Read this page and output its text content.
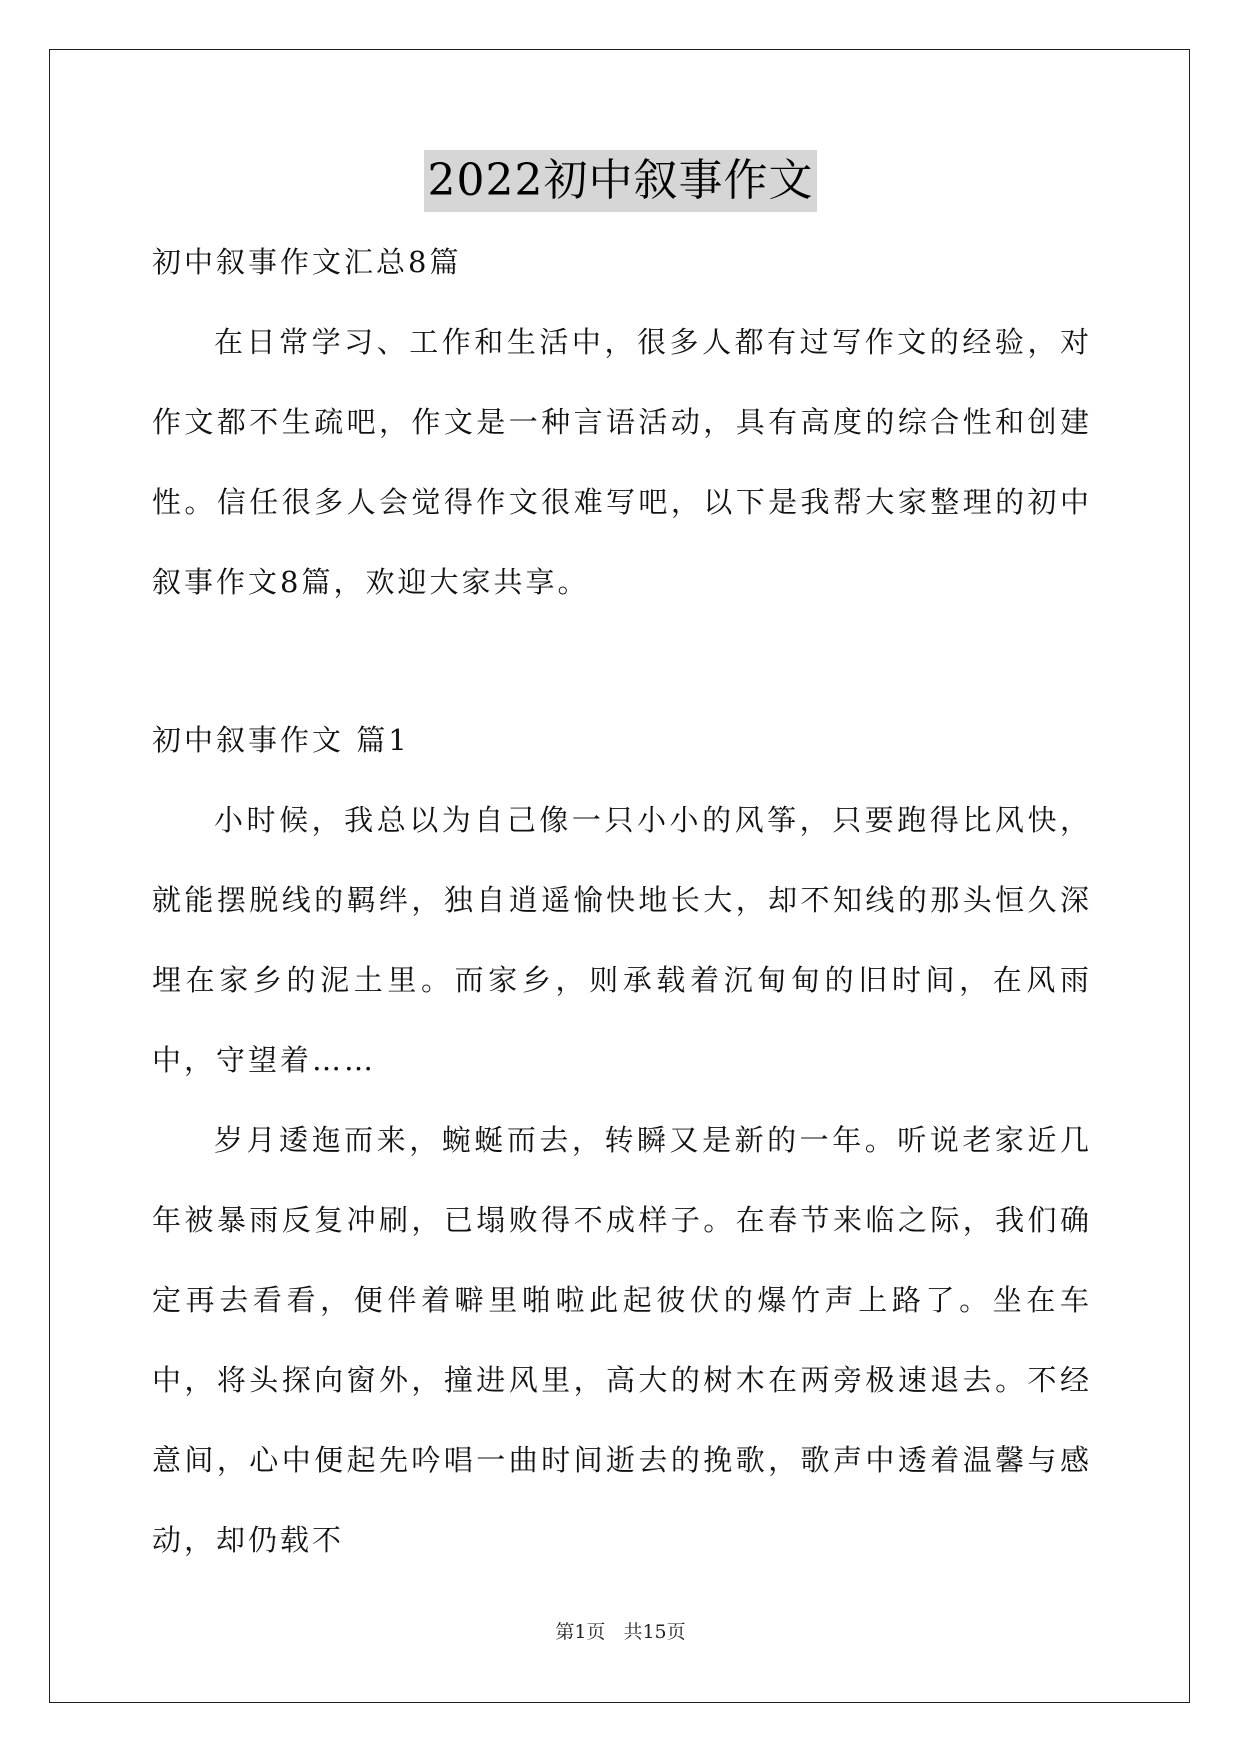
2022初中叙事作文

初中叙事作文汇总8篇

在日常学习、工作和生活中，很多人都有过写作文的经验，对作文都不生疏吧，作文是一种言语活动，具有高度的综合性和创建性。信任很多人会觉得作文很难写吧，以下是我帮大家整理的初中叙事作文8篇，欢迎大家共享。

初中叙事作文 篇1

小时候，我总以为自己像一只小小的风筝，只要跑得比风快，就能摆脱线的羁绊，独自逍遥愉快地长大，却不知线的那头恒久深埋在家乡的泥土里。而家乡，则承载着沉甸甸的旧时间，在风雨中，守望着……

岁月逶迤而来，蜿蜒而去，转瞬又是新的一年。听说老家近几年被暴雨反复冲刷，已塌败得不成样子。在春节来临之际，我们确定再去看看，便伴着噼里啪啦此起彼伏的爆竹声上路了。坐在车中，将头探向窗外，撞进风里，高大的树木在两旁极速退去。不经意间，心中便起先吟唱一曲时间逝去的挽歌，歌声中透着温馨与感动，却仍载不

第1页 共15页
